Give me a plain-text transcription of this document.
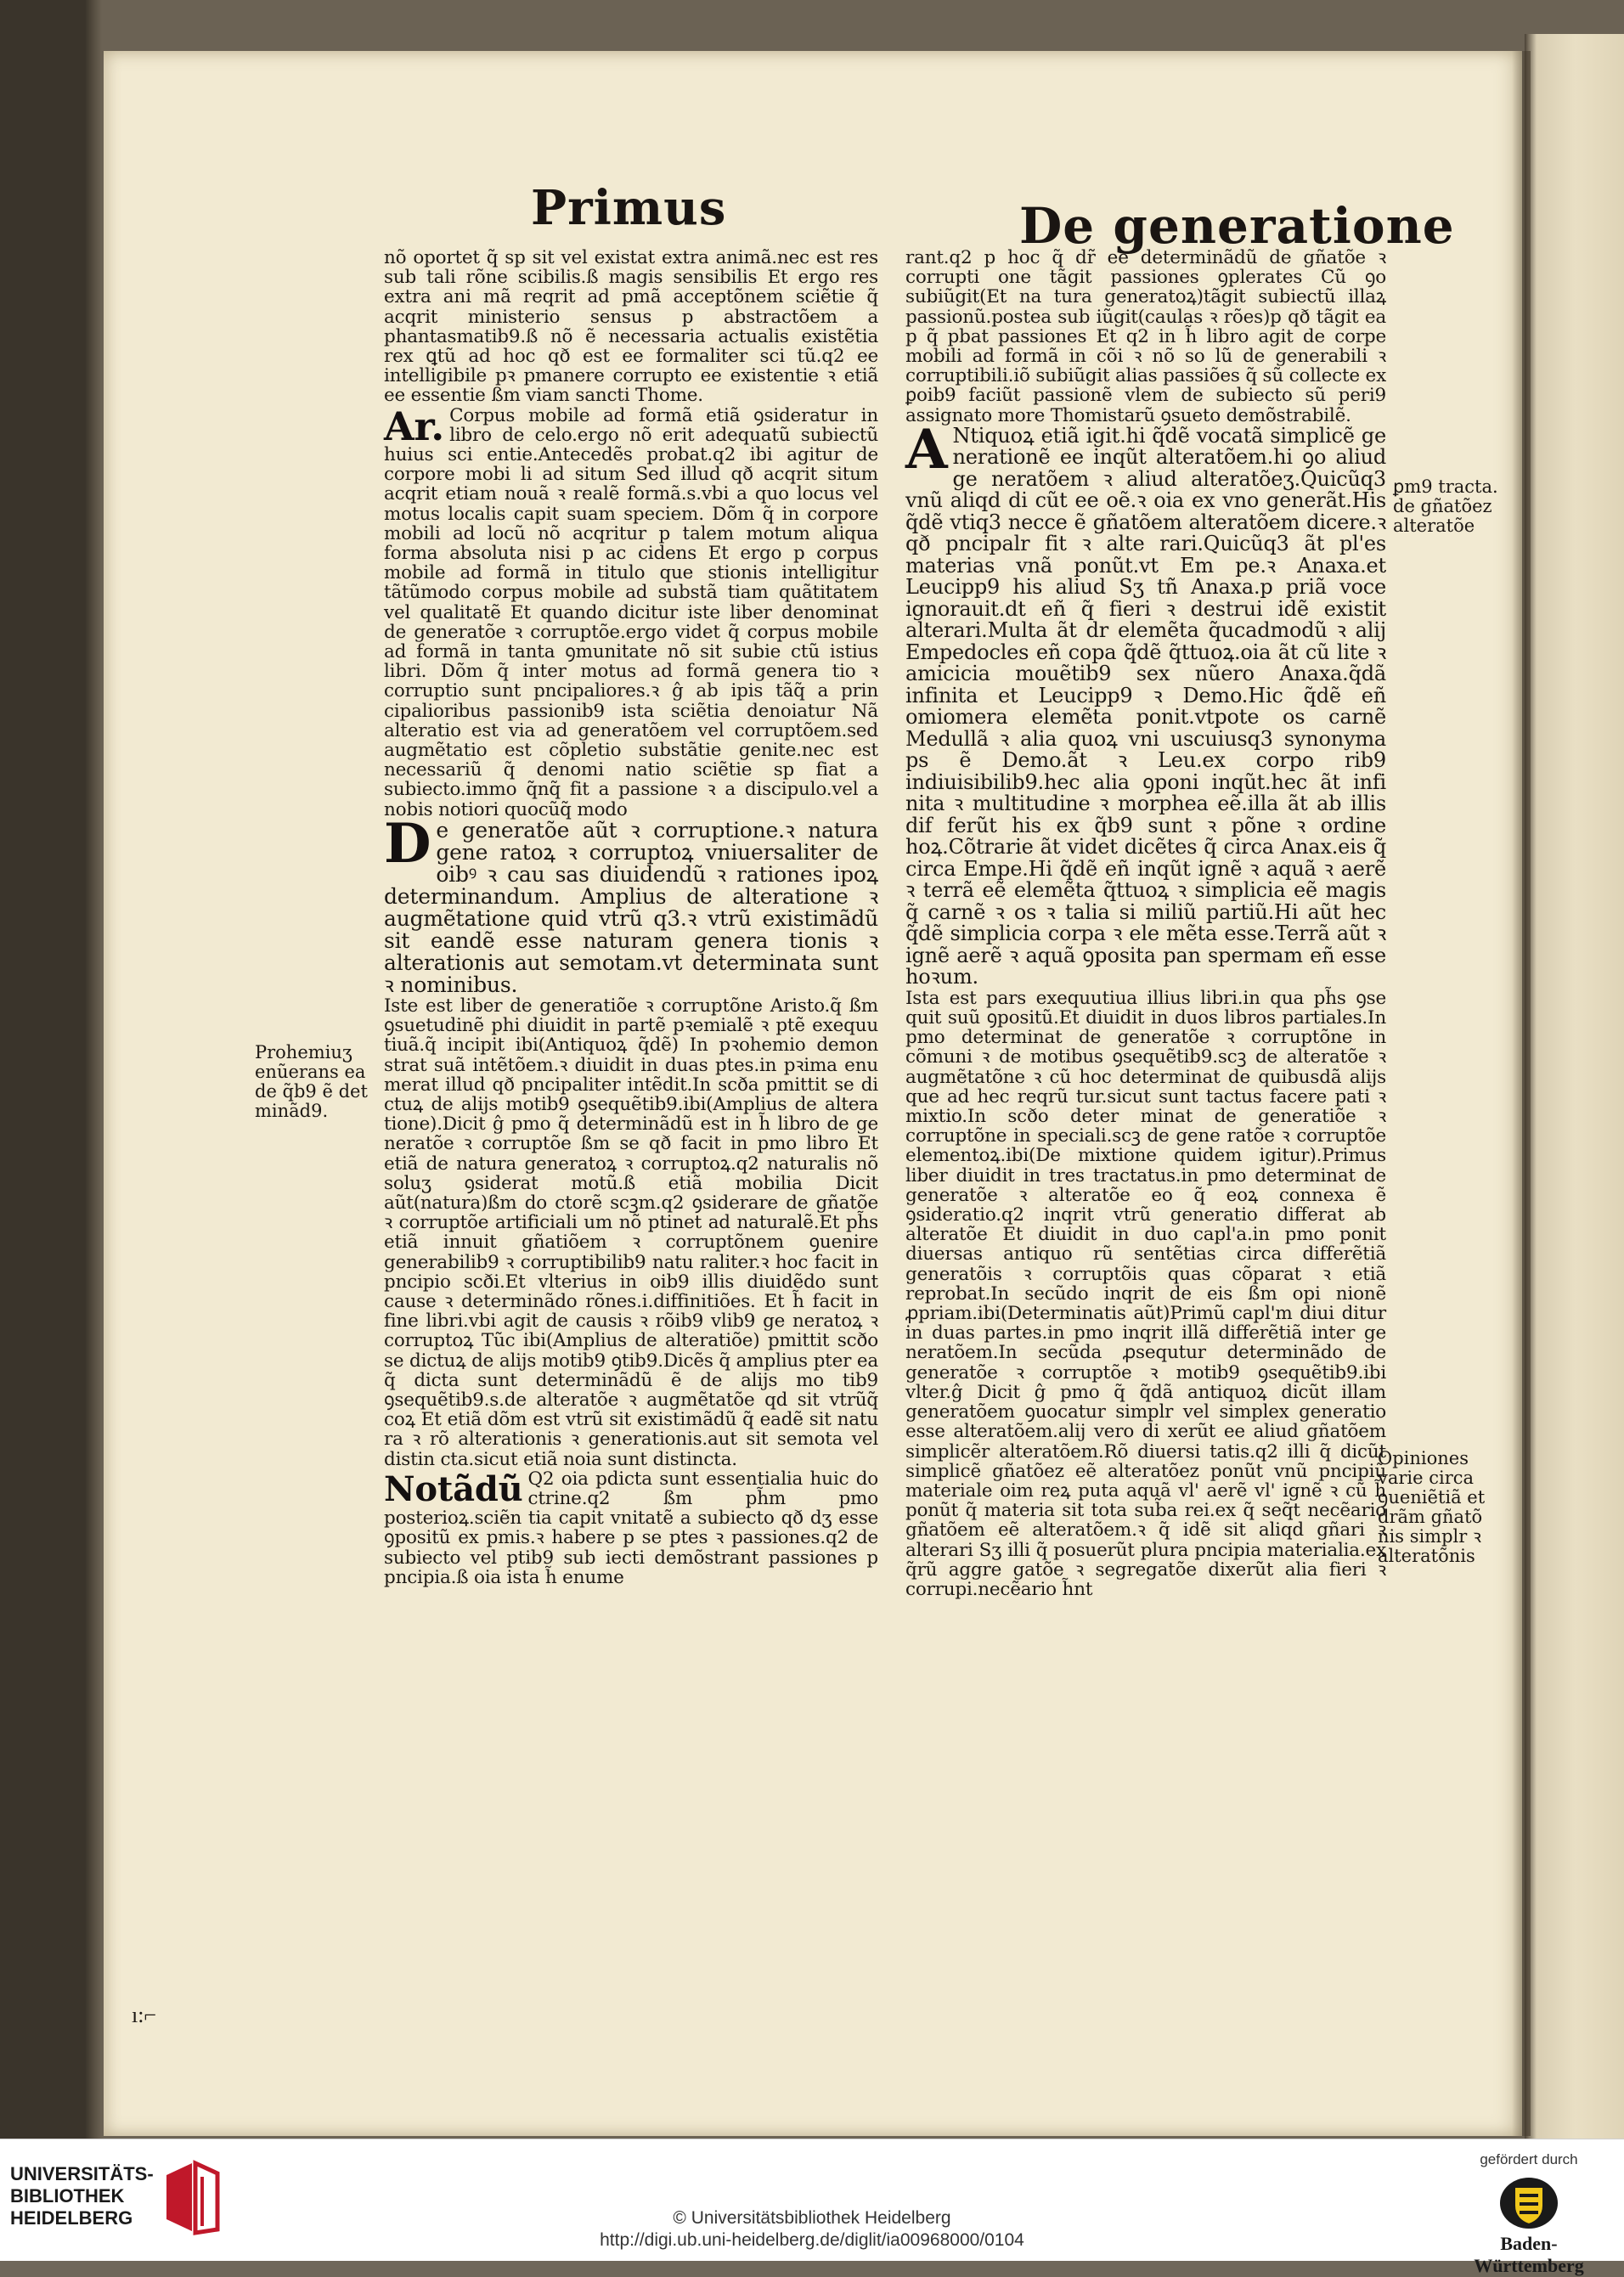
Primus	De generatione

nõ oportet q̃ sp sit vel existat extra animã.nec est res sub tali rõne scibilis.ß magis sensibilis Et ergo res extra ani mã reqrit ad pmã acceptõnem sciẽtie q̃ acqrit ministerio sensus p abstractõem a phantasmatib9.ß nõ ẽ necessaria actualis existẽtia rex ꝗtũ ad hoc qð est ee formaliter sci tũ.q2 ee intelligibile pꝛ pmanere corrupto ee existentie ꝛ etiã ee essentie ßm viam sancti Thome.

Ar. Corpus mobile ad formã etiã ꝯsideratur in libro de celo.ergo nõ erit adequatũ subiectũ huius sci entie.Antecedẽs probat.q2 ibi agitur de corpore mobi li ad situm Sed illud qð acqrit situm acqrit etiam nouã ꝛ realẽ formã.s.vbi a quo locus vel motus localis capit suam speciem. Dõm q̃ in corpore mobili ad locũ nõ acqritur p talem motum aliqua forma absoluta nisi p ac cidens Et ergo p corpus mobile ad formã in titulo que stionis intelligitur tãtũmodo corpus mobile ad substã tiam quãtitatem vel qualitatẽ Et quando dicitur iste liber denominat de generatõe ꝛ corruptõe.ergo videt q̃ corpus mobile ad formã in tanta ꝯmunitate nõ sit subie ctũ istius libri. Dõm q̃ inter motus ad formã genera tio ꝛ corruptio sunt pncipaliores.ꝛ ĝ ab ipis tãq̃ a prin cipalioribus passionib9 ista sciẽtia denoiatur Nã alteratio est via ad generatõem vel corruptõem.sed augmẽtatio est cõpletio substãtie genite.nec est necessariũ q̃ denomi natio sciẽtie sp fiat a subiecto.immo q̃nq̃ fit a passione ꝛ a discipulo.vel a nobis notiori quocũq̃ modo

D e generatõe aũt ꝛ corruptione.ꝛ natura gene ratoꝝ ꝛ corruptoꝝ vniuersaliter de oibꝰ ꝛ cau sas diuidendũ ꝛ rationes ipoꝝ determinandum. Amplius de alteratione ꝛ augmẽtatione quid vtrũ q3.ꝛ vtrũ existimãdũ sit eandẽ esse naturam genera tionis ꝛ alterationis aut semotam.vt determinata sunt ꝛ nominibus.

Iste est liber de generatiõe ꝛ corruptõne Aristo.q̃ ßm ꝯsuetudinẽ phi diuidit in partẽ pꝛemialẽ ꝛ ptẽ exequu tiuã.q̃ incipit ibi(Antiquoꝝ q̃dẽ) In pꝛohemio demon strat suã intẽtõem.ꝛ diuidit in duas ptes.in pꝛima enu merat illud qð pncipaliter intẽdit.In scða pmittit se di ctuꝝ de alijs motib9 ꝯsequẽtib9.ibi(Amplius de altera tione).Dicit ĝ pmo q̃ determinãdũ est in h̃ libro de ge neratõe ꝛ corruptõe ßm se qð facit in pmo libro Et etiã de natura generatoꝝ ꝛ corruptoꝝ.q2 naturalis nõ soluʒ ꝯsiderat motũ.ß etiã mobilia Dicit aũt(natura)ßm do ctorẽ scꝫm.q2 ꝯsiderare de gñatõe ꝛ corruptõe artificiali um nõ ptinet ad naturalẽ.Et ph̃s etiã innuit gñatiõem ꝛ corruptõnem ꝯuenire generabilib9 ꝛ corruptibilib9 natu raliter.ꝛ hoc facit in pncipio scði.Et vlterius in oib9 illis diuidẽdo sunt cause ꝛ determinãdo rõnes.i.diffinitiões. Et h̃ facit in fine libri.vbi agit de causis ꝛ rõib9 vlib9 ge neratoꝝ ꝛ corruptoꝝ Tũc ibi(Amplius de alteratiõe) pmittit scðo se dictuꝝ de alijs motib9 ꝯtib9.Dicẽs q̃ amplius pter ea q̃ dicta sunt determinãdũ ẽ de alijs mo tib9 ꝯsequẽtib9.s.de alteratõe ꝛ augmẽtatõe qd sit vtrũq̃ coꝝ Et etiã dõm est vtrũ sit existimãdũ q̃ eadẽ sit natu ra ꝛ rõ alterationis ꝛ generationis.aut sit semota vel distin cta.sicut etiã noia sunt distincta.

Notãdũ Q2 oia pdicta sunt essentialia huic do ctrine.q2 ßm ph̃m pmo posterioꝝ.sciẽn tia capit vnitatẽ a subiecto qð dʒ esse ꝯpositũ ex pmis.ꝛ habere p se ptes ꝛ passiones.q2 de subiecto vel ptib9 sub iecti demõstrant passiones p pncipia.ß oia ista h̃ enume

rant.q2 p hoc q̃ dr̃ ee determinãdũ de gñatõe ꝛ corrupti one tãgit passiones ꝯplerates Cũ ꝯo subiũgit(Et na tura generatoꝝ)tãgit subiectũ illaꝝ passionũ.postea sub iũgit(caulas ꝛ rões)p qð tãgit ea p q̃ pbat passiones Et q2 in h̃ libro agit de corpe mobili ad formã in cõi ꝛ nõ so lũ de generabili ꝛ corruptibili.iõ subiũgit alias passiões q̃ sũ collecte ex ꝑoib9 faciũt passionẽ vlem de subiecto sũ peri9 assignato more Thomistarũ ꝯsueto demõstrabilẽ.

A Ntiquoꝝ etiã igit.hi q̃dẽ vocatã simplicẽ ge nerationẽ ee inqũt alteratõem.hi ꝯo aliud ge neratõem ꝛ aliud alteratõeʒ.Quicũq3 vnũ aliqd di cũt ee oẽ.ꝛ oia ex vno generãt.His q̃dẽ vtiq3 necce ẽ gñatõem alteratõem dicere.ꝛ qð pncipalr fit ꝛ alte rari.Quicũq3 ãt pl'es materias vnã ponũt.vt Em pe.ꝛ Anaxa.et Leucipp9 his aliud Sʒ tñ Anaxa.p priã voce ignorauit.dt eñ q̃ fieri ꝛ destrui idẽ existit alterari.Multa ãt dr elemẽta q̃ucadmodũ ꝛ alij Empedocles eñ copa q̃dẽ q̃ttuoꝝ.oia ãt cũ lite ꝛ amicicia mouẽtib9 sex nũero Anaxa.q̃dã infinita et Leucipp9 ꝛ Demo.Hic q̃dẽ eñ omiomera elemẽta ponit.vtpote os carnẽ Medullã ꝛ alia quoꝝ vni uscuiusq3 synonyma ps ẽ Demo.ãt ꝛ Leu.ex corpo rib9 indiuisibilib9.hec alia ꝯponi inqũt.hec ãt infi nita ꝛ multitudine ꝛ morphea eẽ.illa ãt ab illis dif ferũt his ex q̃b9 sunt ꝛ põne ꝛ ordine hoꝝ.Cõtrarie ãt videt dicẽtes q̃ circa Anax.eis q̃ circa Empe.Hi q̃dẽ eñ inqũt ignẽ ꝛ aquã ꝛ aerẽ ꝛ terrã eẽ elemẽta q̃ttuoꝝ ꝛ simplicia eẽ magis q̃ carnẽ ꝛ os ꝛ talia si miliũ partiũ.Hi aũt hec q̃dẽ simplicia corpa ꝛ ele mẽta esse.Terrã aũt ꝛ ignẽ aerẽ ꝛ aquã ꝯposita pan spermam eñ esse hoꝛum.

Ista est pars exequutiua illius libri.in qua ph̃s ꝯse quit suũ ꝯpositũ.Et diuidit in duos libros partiales.In pmo determinat de generatõe ꝛ corruptõne in cõmuni ꝛ de motibus ꝯsequẽtib9.scꝫ de alteratõe ꝛ augmẽtatõne ꝛ cũ hoc determinat de quibusdã alijs que ad hec reqrũ tur.sicut sunt tactus facere pati ꝛ mixtio.In scðo deter minat de generatiõe ꝛ corruptõne in speciali.scꝫ de gene ratõe ꝛ corruptõe elementoꝝ.ibi(De mixtione quidem igitur).Primus liber diuidit in tres tractatus.in pmo determinat de generatõe ꝛ alteratõe eo q̃ eoꝝ connexa ẽ ꝯsideratio.q2 inqrit vtrũ generatio differat ab alteratõe Et diuidit in duo capl'a.in pmo ponit diuersas antiquo rũ sentẽtias circa differẽtiã generatõis ꝛ corruptõis quas cõparat ꝛ etiã reprobat.In secũdo inqrit de eis ßm opi nionẽ ꝓpriam.ibi(Determinatis aũt)Primũ capl'm diui ditur in duas partes.in pmo inqrit illã differẽtiã inter ge neratõem.In secũda ꝓsequtur determinãdo de generatõe ꝛ corruptõe ꝛ motib9 ꝯsequẽtib9.ibi vlter.ĝ Dicit ĝ pmo q̃ q̃dã antiquoꝝ dicũt illam generatõem ꝯuocatur simplr vel simplex generatio esse alteratõem.alij vero di xerũt ee aliud gñatõem simplicẽr alteratõem.Rõ diuersi tatis.q2 illi q̃ dicũt simplicẽ gñatõez eẽ alteratõez ponũt vnũ pncipiũ materiale oim reꝝ puta aquã vl' aerẽ vl' ignẽ ꝛ cũ h̃ ponũt q̃ materia sit tota sub̃a rei.ex q̃ seq̃t necẽario gñatõem eẽ alteratõem.ꝛ q̃ idẽ sit aliqd gñari ꝛ alterari Sʒ illi q̃ posuerũt plura pncipia materialia.ex q̃rũ aggre gatõe ꝛ segregatõe dixerũt alia fieri ꝛ corrupi.necẽario h̃nt

Prohemiuʒ
enũerans ea
de q̃b9 ẽ det
minãd9.
ꝑm9 tracta.
de gñatõez
alteratõe
Opiniones
varie circa
ꝯueniẽtiã et
drãm gñatõ
nis simplr ꝛ
alteratõnis
ı:⌐
UNIVERSITÄTS-
BIBLIOTHEK
HEIDELBERG	© Universitätsbibliothek Heidelberg
http://digi.ub.uni-heidelberg.de/diglit/ia00968000/0104
gefördert durch
Baden-Württemberg
